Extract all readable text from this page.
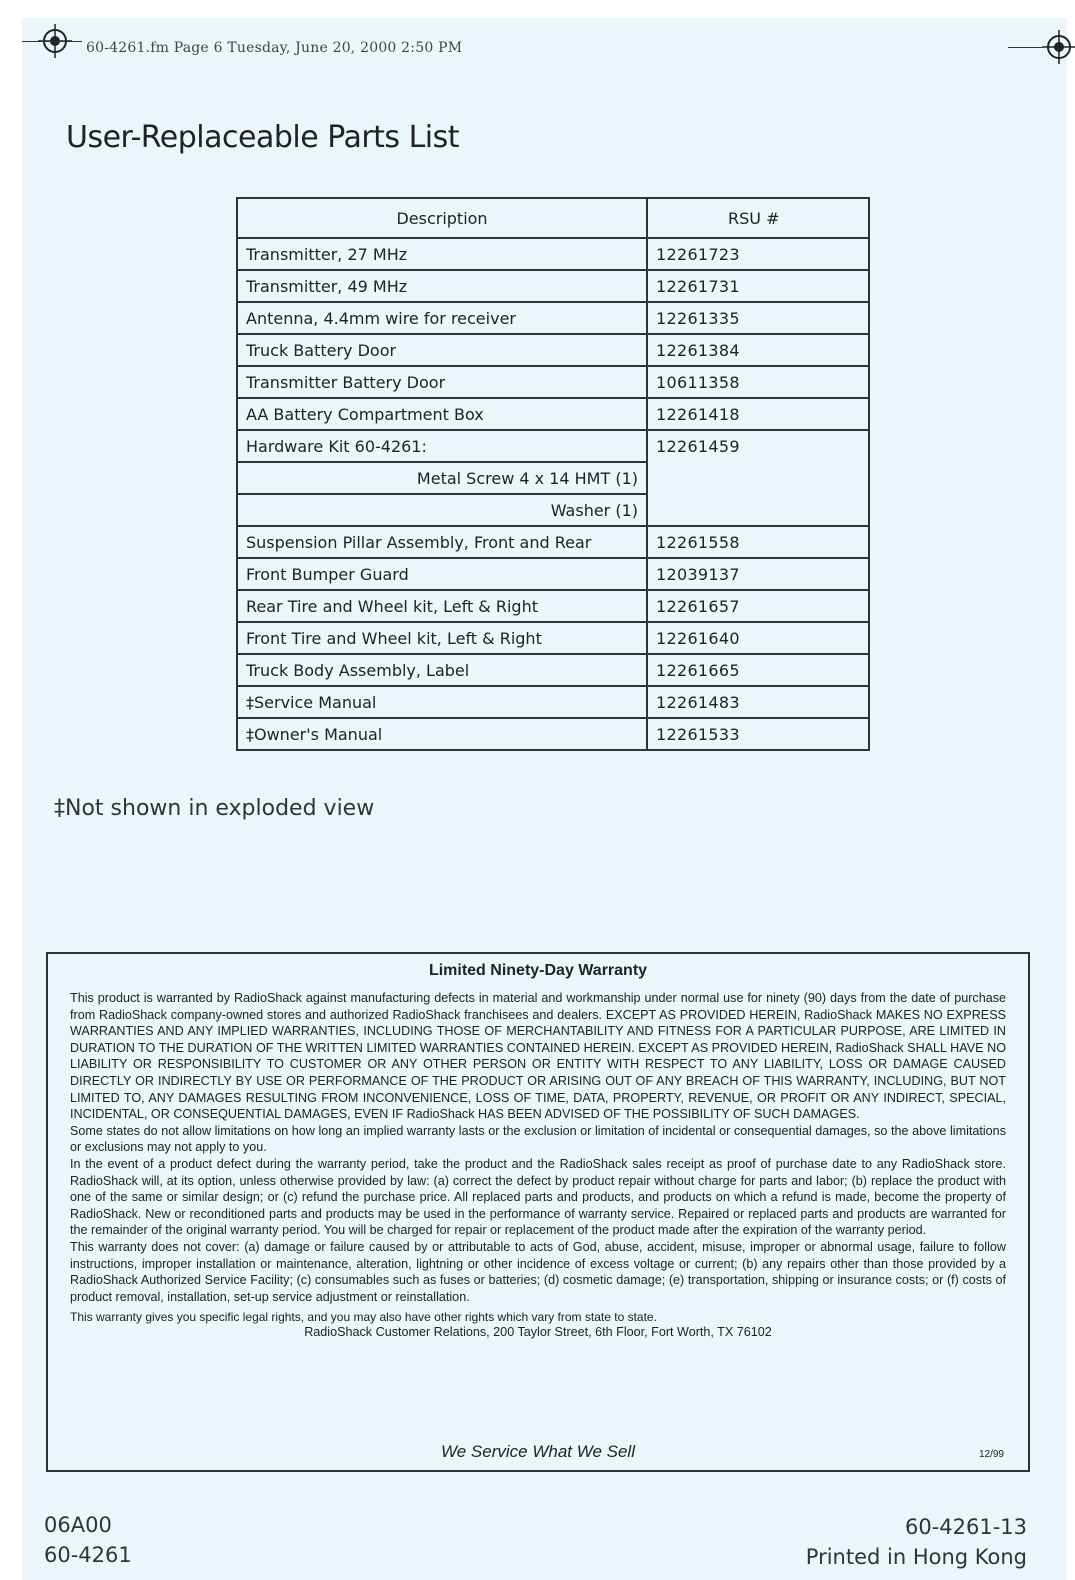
60-4261.fm Page 6 Tuesday, June 20, 2000 2:50 PM
User-Replaceable Parts List
Description	RSU #
Transmitter, 27 MHz	12261723
Transmitter, 49 MHz	12261731
Antenna, 4.4mm wire for receiver	12261335
Truck Battery Door	12261384
Transmitter Battery Door	10611358
AA Battery Compartment Box	12261418
Hardware Kit 60-4261:	12261459
Metal Screw 4 x 14 HMT (1)	
Washer (1)	
Suspension Pillar Assembly, Front and Rear	12261558
Front Bumper Guard	12039137
Rear Tire and Wheel kit, Left & Right	12261657
Front Tire and Wheel kit, Left & Right	12261640
Truck Body Assembly, Label	12261665
‡Service Manual	12261483
‡Owner's Manual	12261533
‡Not shown in exploded view
Limited Ninety-Day Warranty

This product is warranted by RadioShack against manufacturing defects in material and workmanship under normal use for ninety (90) days from the date of purchase from RadioShack company-owned stores and authorized RadioShack franchisees and dealers. EXCEPT AS PROVIDED HEREIN, RadioShack MAKES NO EXPRESS WARRANTIES AND ANY IMPLIED WARRANTIES, INCLUDING THOSE OF MERCHANTABILITY AND FITNESS FOR A PARTICULAR PURPOSE, ARE LIMITED IN DURATION TO THE DURATION OF THE WRITTEN LIMITED WARRANTIES CONTAINED HEREIN. EXCEPT AS PROVIDED HEREIN, RadioShack SHALL HAVE NO LIABILITY OR RESPONSIBILITY TO CUSTOMER OR ANY OTHER PERSON OR ENTITY WITH RESPECT TO ANY LIABILITY, LOSS OR DAMAGE CAUSED DIRECTLY OR INDIRECTLY BY USE OR PERFORMANCE OF THE PRODUCT OR ARISING OUT OF ANY BREACH OF THIS WARRANTY, INCLUDING, BUT NOT LIMITED TO, ANY DAMAGES RESULTING FROM INCONVENIENCE, LOSS OF TIME, DATA, PROPERTY, REVENUE, OR PROFIT OR ANY INDIRECT, SPECIAL, INCIDENTAL, OR CONSEQUENTIAL DAMAGES, EVEN IF RadioShack HAS BEEN ADVISED OF THE POSSIBILITY OF SUCH DAMAGES.

Some states do not allow limitations on how long an implied warranty lasts or the exclusion or limitation of incidental or consequential damages, so the above limitations or exclusions may not apply to you.

In the event of a product defect during the warranty period, take the product and the RadioShack sales receipt as proof of purchase date to any RadioShack store. RadioShack will, at its option, unless otherwise provided by law: (a) correct the defect by product repair without charge for parts and labor; (b) replace the product with one of the same or similar design; or (c) refund the purchase price. All replaced parts and products, and products on which a refund is made, become the property of RadioShack. New or reconditioned parts and products may be used in the performance of warranty service. Repaired or replaced parts and products are warranted for the remainder of the original warranty period. You will be charged for repair or replacement of the product made after the expiration of the warranty period.

This warranty does not cover: (a) damage or failure caused by or attributable to acts of God, abuse, accident, misuse, improper or abnormal usage, failure to follow instructions, improper installation or maintenance, alteration, lightning or other incidence of excess voltage or current; (b) any repairs other than those provided by a RadioShack Authorized Service Facility; (c) consumables such as fuses or batteries; (d) cosmetic damage; (e) transportation, shipping or insurance costs; or (f) costs of product removal, installation, set-up service adjustment or reinstallation.

This warranty gives you specific legal rights, and you may also have other rights which vary from state to state.

RadioShack Customer Relations, 200 Taylor Street, 6th Floor, Fort Worth, TX 76102
We Service What We Sell	12/99
06A00
60-4261
60-4261-13
Printed in Hong Kong
